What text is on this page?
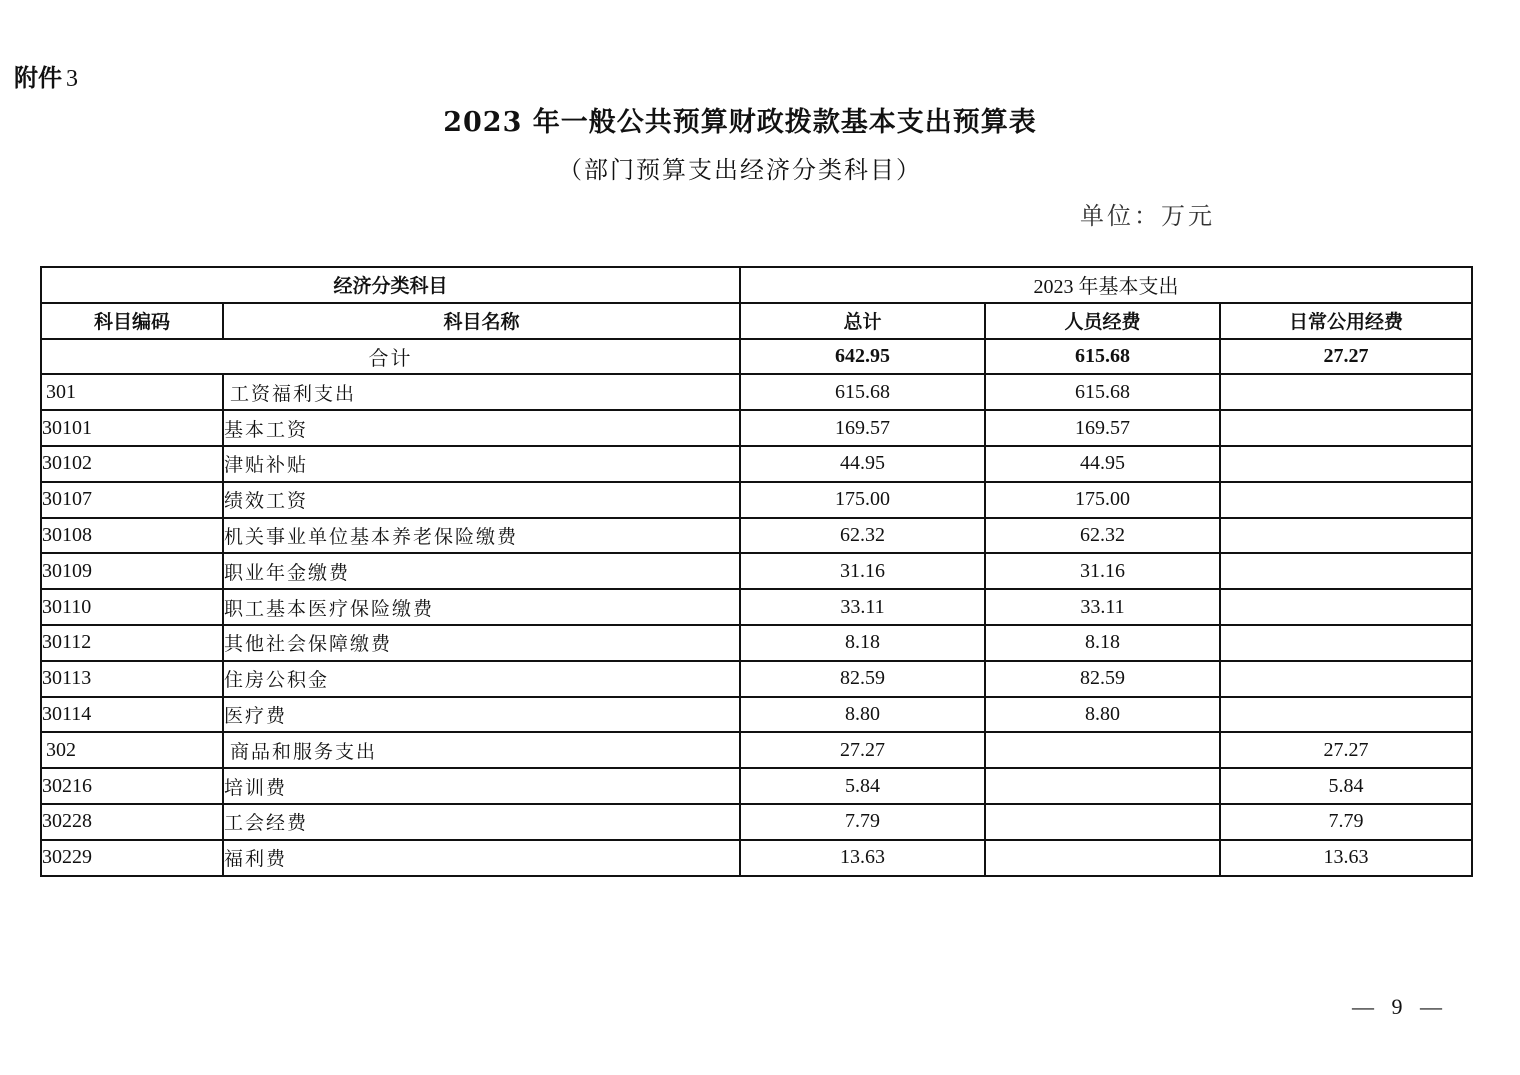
附件 3
2023 年一般公共预算财政拨款基本支出预算表
（部门预算支出经济分类科目）
单位：万元
经济分类科目		2023 年基本支出		
科目编码	科目名称	总计	人员经费	日常公用经费
合计		642.95	615.68	27.27
301	工资福利支出	615.68	615.68	
30101	基本工资	169.57	169.57	
30102	津贴补贴	44.95	44.95	
30107	绩效工资	175.00	175.00	
30108	机关事业单位基本养老保险缴费	62.32	62.32	
30109	职业年金缴费	31.16	31.16	
30110	职工基本医疗保险缴费	33.11	33.11	
30112	其他社会保障缴费	8.18	8.18	
30113	住房公积金	82.59	82.59	
30114	医疗费	8.80	8.80	
302	商品和服务支出	27.27		27.27
30216	培训费	5.84		5.84
30228	工会经费	7.79		7.79
30229	福利费	13.63		13.63
— 9 —
